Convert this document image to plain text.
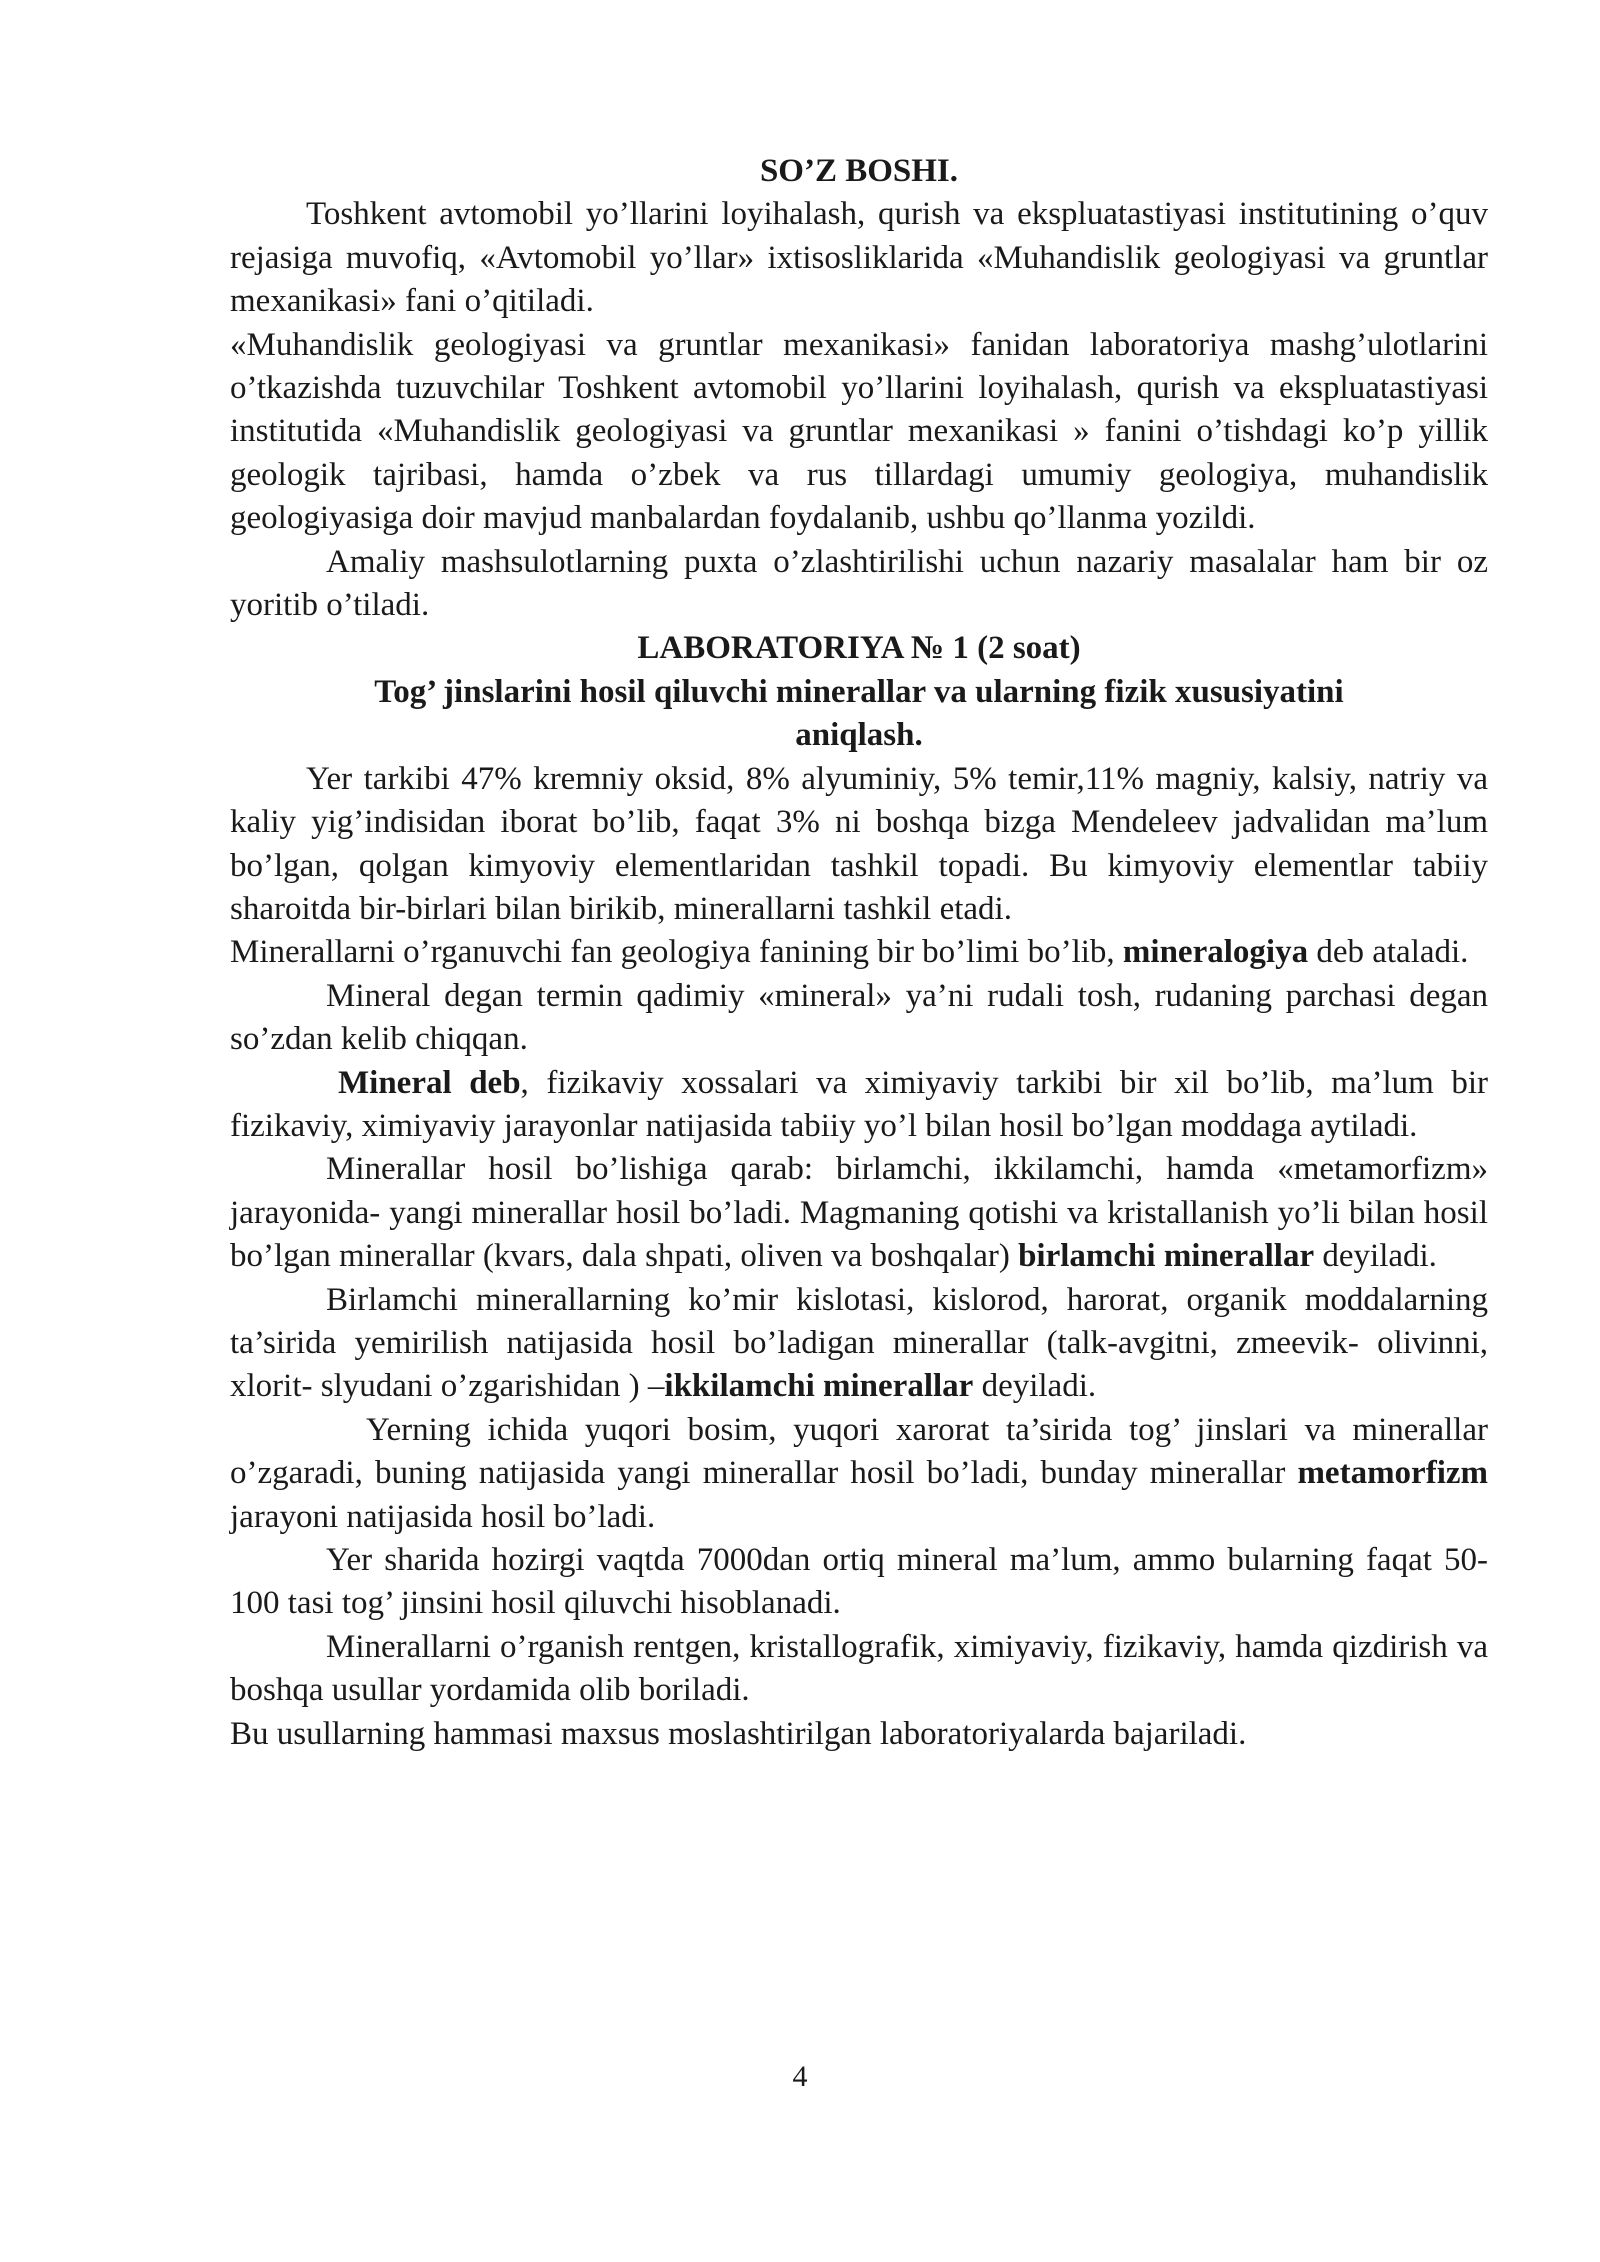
SO’Z BOSHI.

Toshkent avtomobil yo’llarini loyihalash, qurish va ekspluatastiyasi institutining o’quv rejasiga muvofiq, «Avtomobil yo’llar» ixtisosliklarida «Muhandislik geologiyasi va gruntlar mexanikasi» fani o’qitiladi.

«Muhandislik geologiyasi va gruntlar mexanikasi» fanidan laboratoriya mashg’ulotlarini o’tkazishda tuzuvchilar Toshkent avtomobil yo’llarini loyihalash, qurish va ekspluatastiyasi institutida «Muhandislik geologiyasi va gruntlar mexanikasi » fanini o’tishdagi ko’p yillik geologik tajribasi, hamda o’zbek va rus tillardagi umumiy geologiya, muhandislik geologiyasiga doir mavjud manbalardan foydalanib, ushbu qo’llanma yozildi.

Amaliy mashsulotlarning puxta o’zlashtirilishi uchun nazariy masalalar ham bir oz yoritib o’tiladi.

LABORATORIYA № 1 (2 soat)

Tog’ jinslarini hosil qiluvchi minerallar va ularning fizik xususiyatini

aniqlash.

Yer tarkibi 47% kremniy oksid, 8% alyuminiy, 5% temir,11% magniy, kalsiy, natriy va kaliy yig’indisidan iborat bo’lib, faqat 3% ni boshqa bizga Mendeleev jadvalidan ma’lum bo’lgan, qolgan kimyoviy elementlaridan tashkil topadi. Bu kimyoviy elementlar tabiiy sharoitda bir-birlari bilan birikib, minerallarni tashkil etadi.

Minerallarni o’rganuvchi fan geologiya fanining bir bo’limi bo’lib, mineralogiya deb ataladi.

Mineral degan termin qadimiy «mineral» ya’ni rudali tosh, rudaning parchasi degan so’zdan kelib chiqqan.

Mineral deb, fizikaviy xossalari va ximiyaviy tarkibi bir xil bo’lib, ma’lum bir fizikaviy, ximiyaviy jarayonlar natijasida tabiiy yo’l bilan hosil bo’lgan moddaga aytiladi.

Minerallar hosil bo’lishiga qarab: birlamchi, ikkilamchi, hamda «metamorfizm» jarayonida- yangi minerallar hosil bo’ladi. Magmaning qotishi va kristallanish yo’li bilan hosil bo’lgan minerallar (kvars, dala shpati, oliven va boshqalar) birlamchi minerallar deyiladi.

Birlamchi minerallarning ko’mir kislotasi, kislorod, harorat, organik moddalarning ta’sirida yemirilish natijasida hosil bo’ladigan minerallar (talk-avgitni, zmeevik- olivinni, xlorit- slyudani o’zgarishidan ) –ikkilamchi minerallar deyiladi.

Yerning ichida yuqori bosim, yuqori xarorat ta’sirida tog’ jinslari va minerallar o’zgaradi, buning natijasida yangi minerallar hosil bo’ladi, bunday minerallar metamorfizm jarayoni natijasida hosil bo’ladi.

Yer sharida hozirgi vaqtda 7000dan ortiq mineral ma’lum, ammo bularning faqat 50-100 tasi tog’ jinsini hosil qiluvchi hisoblanadi.

Minerallarni o’rganish rentgen, kristallografik, ximiyaviy, fizikaviy, hamda qizdirish va boshqa usullar yordamida olib boriladi.

Bu usullarning hammasi maxsus moslashtirilgan laboratoriyalarda bajariladi.

4
